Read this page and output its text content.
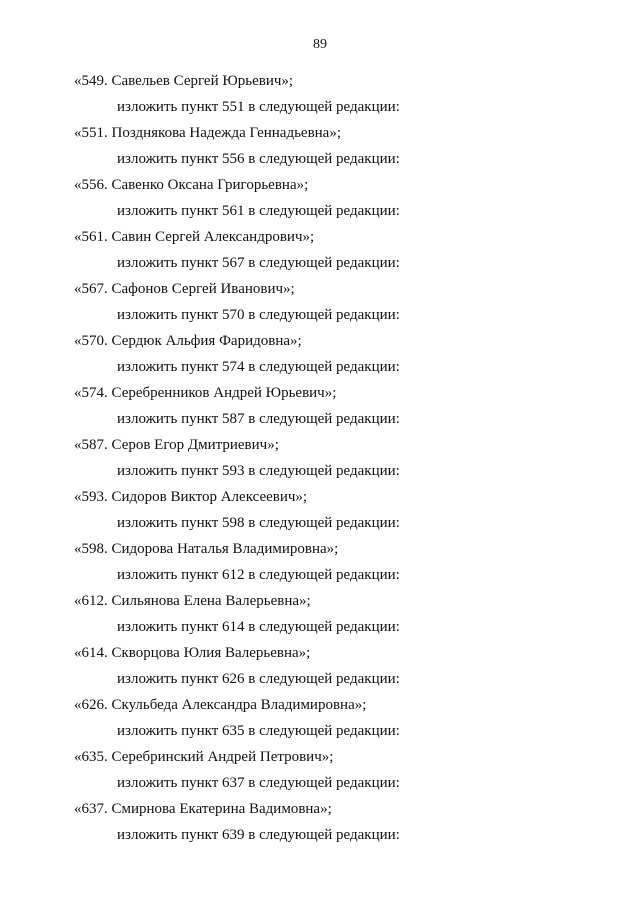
89
«549. Савельев Сергей Юрьевич»;
изложить пункт 551 в следующей редакции:
«551. Позднякова Надежда Геннадьевна»;
изложить пункт 556 в следующей редакции:
«556. Савенко Оксана Григорьевна»;
изложить пункт 561 в следующей редакции:
«561. Савин Сергей Александрович»;
изложить пункт 567 в следующей редакции:
«567. Сафонов Сергей Иванович»;
изложить пункт 570 в следующей редакции:
«570. Сердюк Альфия Фаридовна»;
изложить пункт 574 в следующей редакции:
«574. Серебренников Андрей Юрьевич»;
изложить пункт 587 в следующей редакции:
«587. Серов Егор Дмитриевич»;
изложить пункт 593 в следующей редакции:
«593. Сидоров Виктор Алексеевич»;
изложить пункт 598 в следующей редакции:
«598. Сидорова Наталья Владимировна»;
изложить пункт 612 в следующей редакции:
«612. Сильянова Елена Валерьевна»;
изложить пункт 614 в следующей редакции:
«614. Скворцова Юлия Валерьевна»;
изложить пункт 626 в следующей редакции:
«626. Скульбеда Александра Владимировна»;
изложить пункт 635 в следующей редакции:
«635. Серебринский Андрей Петрович»;
изложить пункт 637 в следующей редакции:
«637. Смирнова Екатерина Вадимовна»;
изложить пункт 639 в следующей редакции:
